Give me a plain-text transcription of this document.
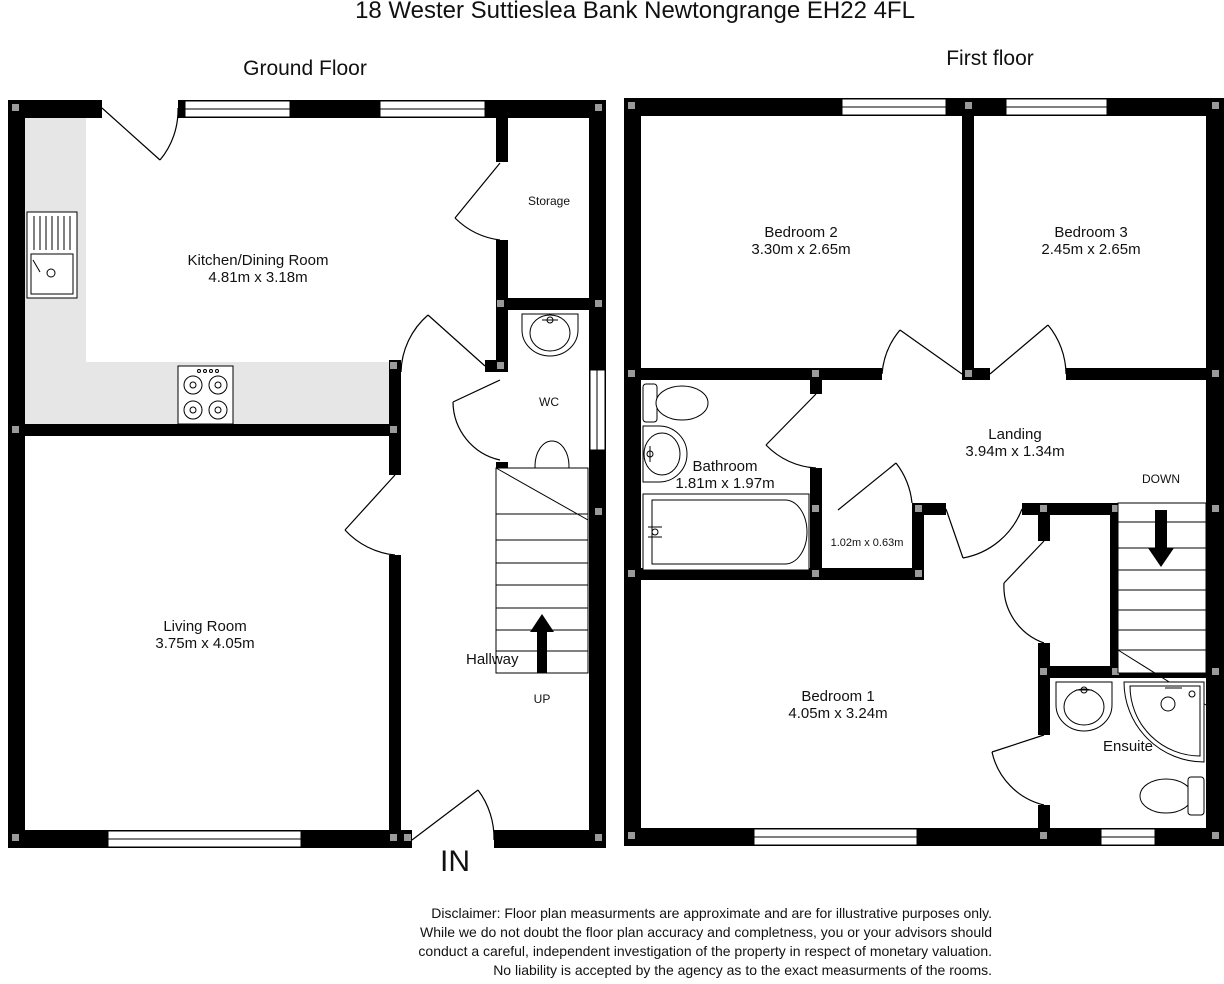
18 Wester Suttieslea Bank Newtongrange EH22 4FL
Ground Floor
Kitchen/Dining Room
4.81m x 3.18m
Storage
WC
Living Room
3.75m x 4.05m
Hallway
UP
IN
First floor
Bedroom 2
3.30m x 2.65m
Bedroom 3
2.45m x 2.65m
Bathroom
1.81m x 1.97m
Landing
3.94m x 1.34m
DOWN
1.02m x 0.63m
Bedroom 1
4.05m x 3.24m
Ensuite
Disclaimer: Floor plan measurments are approximate and are for illustrative purposes only.
While we do not doubt the floor plan accuracy and completness, you or your advisors should
conduct a careful, independent investigation of the property in respect of monetary valuation.
No liability is accepted by the agency as to the exact measurments of the rooms.
